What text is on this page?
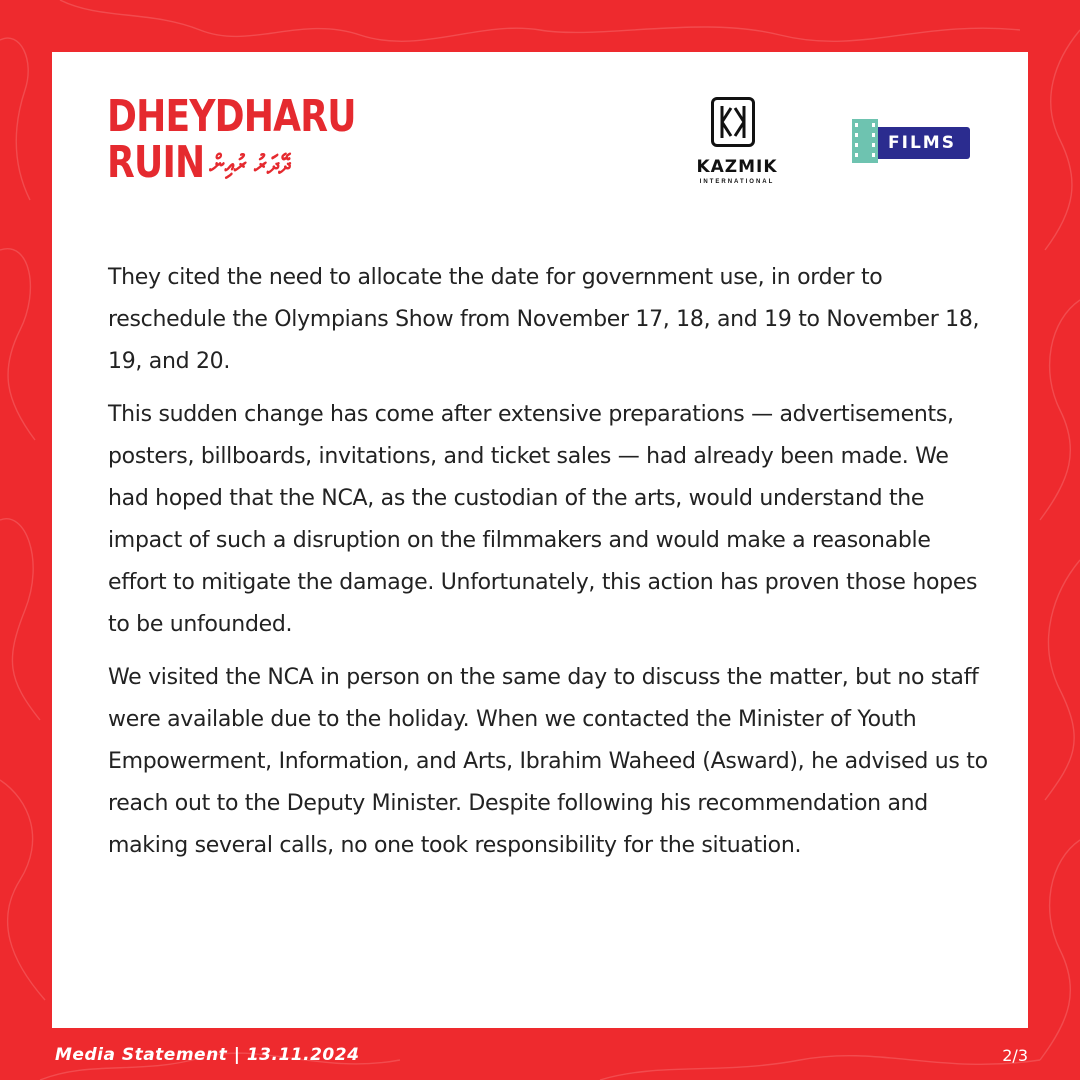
DHEYDHARU
RUIN ދޭދަރު ރުއިން	KAZMIK
INTERNATIONAL
FILMS

They cited the need to allocate the date for government use, in order to reschedule the Olympians Show from November 17, 18, and 19 to November 18, 19, and 20.

This sudden change has come after extensive preparations — advertisements, posters, billboards, invitations, and ticket sales — had already been made. We had hoped that the NCA, as the custodian of the arts, would understand the impact of such a disruption on the filmmakers and would make a reasonable effort to mitigate the damage. Unfortunately, this action has proven those hopes to be unfounded.

We visited the NCA in person on the same day to discuss the matter, but no staff were available due to the holiday. When we contacted the Minister of Youth Empowerment, Information, and Arts, Ibrahim Waheed (Asward), he advised us to reach out to the Deputy Minister. Despite following his recommendation and making several calls, no one took responsibility for the situation.

Media Statement | 13.11.2024	2/3
